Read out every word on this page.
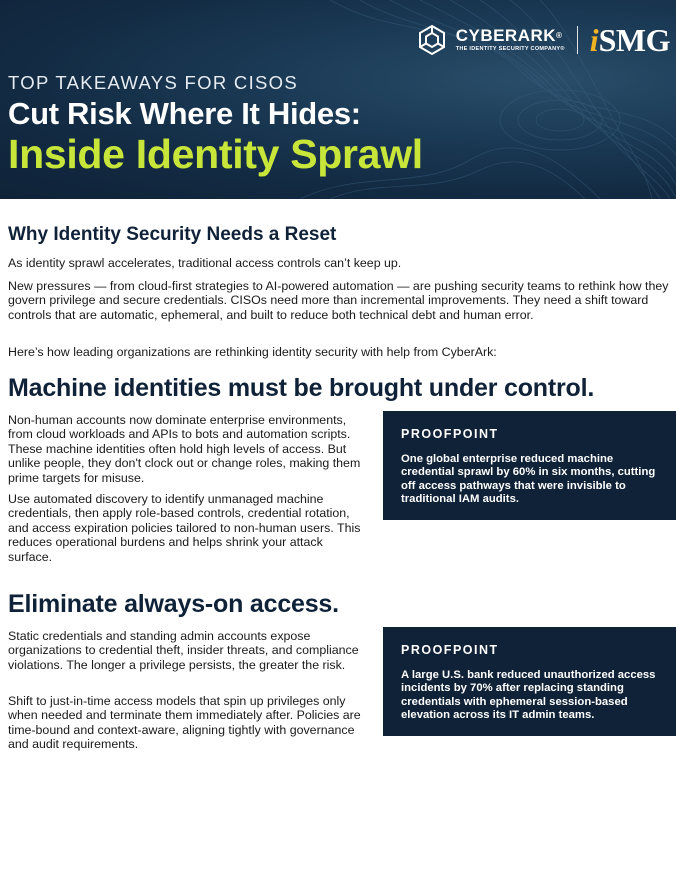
CYBERARK®
THE IDENTITY SECURITY COMPANY® i SMG
TOP TAKEAWAYS FOR CISOS
Cut Risk Where It Hides:
Inside Identity Sprawl
Why Identity Security Needs a Reset

As identity sprawl accelerates, traditional access controls can’t keep up.

New pressures — from cloud-first strategies to AI-powered automation — are pushing security teams to rethink how they govern privilege and secure credentials. CISOs need more than incremental improvements. They need a shift toward controls that are automatic, ephemeral, and built to reduce both technical debt and human error.

Here’s how leading organizations are rethinking identity security with help from CyberArk:

Machine identities must be brought under control.

Non-human accounts now dominate enterprise environments, from cloud workloads and APIs to bots and automation scripts. These machine identities often hold high levels of access. But unlike people, they don't clock out or change roles, making them prime targets for misuse.

Use automated discovery to identify unmanaged machine credentials, then apply role-based controls, credential rotation, and access expiration policies tailored to non-human users. This reduces operational burdens and helps shrink your attack surface.

PROOFPOINT

One global enterprise reduced machine credential sprawl by 60% in six months, cutting off access pathways that were invisible to traditional IAM audits.

Eliminate always-on access.

Static credentials and standing admin accounts expose organizations to credential theft, insider threats, and compliance violations. The longer a privilege persists, the greater the risk.

Shift to just-in-time access models that spin up privileges only when needed and terminate them immediately after. Policies are time-bound and context-aware, aligning tightly with governance and audit requirements.

PROOFPOINT

A large U.S. bank reduced unauthorized access incidents by 70% after replacing standing credentials with ephemeral session-based elevation across its IT admin teams.
